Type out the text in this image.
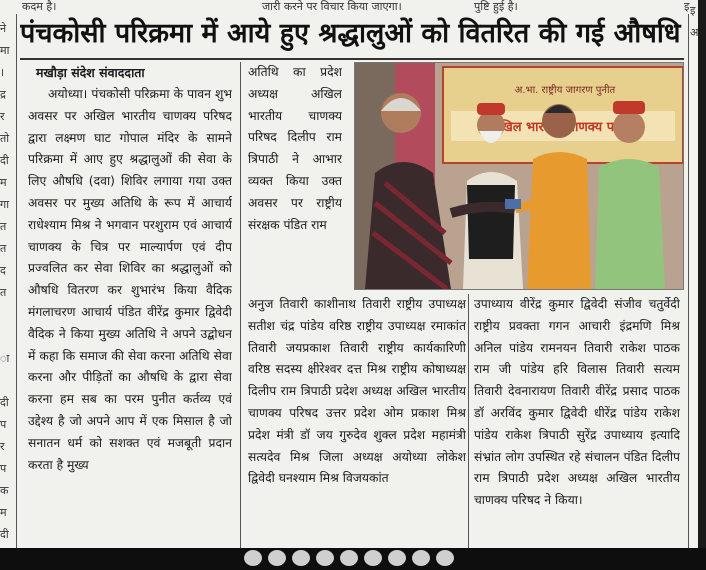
कदम है।	जारी करने पर विचार किया जाएगा।	पुष्टि हुई है।	इ
ने
मा
।
द्र
र
तो
दी
म
गा
त
त
द
त
ा
दी
प
र
प
क
म
दी
पंचकोसी परिक्रमा में आये हुए श्रद्धालुओं को वितरित की गई औषधि
मखौड़ा संदेश संवाददाता
अयोध्या। पंचकोसी परिक्रमा के पावन शुभ अवसर पर अखिल भारतीय चाणक्य परिषद द्वारा लक्ष्मण घाट गोपाल मंदिर के सामने परिक्रमा में आए हुए श्रद्धालुओं की सेवा के लिए औषधि (दवा) शिविर लगाया गया उक्त अवसर पर मुख्य अतिथि के रूप में आचार्य राधेश्याम मिश्र ने भगवान परशुराम एवं आचार्य चाणक्य के चित्र पर माल्यार्पण एवं दीप प्रज्वलित कर सेवा शिविर का श्रद्धालुओं को औषधि वितरण कर शुभारंभ किया वैदिक मंगलाचरण आचार्य पंडित वीरेंद्र कुमार द्विवेदी वैदिक ने किया मुख्य अतिथि ने अपने उद्बोधन में कहा कि समाज की सेवा करना अतिथि सेवा करना और पीड़ितों का औषधि के द्वारा सेवा करना हम सब का परम पुनीत कर्तव्य एवं उद्देश्य है जो अपने आप में एक मिसाल है जो सनातन धर्म को सशक्त एवं मजबूती प्रदान करता है मुख्य
अतिथि का प्रदेश अध्यक्ष अखिल भारतीय चाणक्य परिषद दिलीप राम त्रिपाठी ने आभार व्यक्त किया उक्त अवसर पर राष्ट्रीय संरक्षक पंडित राम
अ.भा. राष्ट्रीय जागरण पुनीत
अखिल चाणक्य
अनुज तिवारी काशीनाथ तिवारी राष्ट्रीय उपाध्यक्ष सतीश चंद्र पांडेय वरिष्ठ राष्ट्रीय उपाध्यक्ष रमाकांत तिवारी जयप्रकाश तिवारी राष्ट्रीय कार्यकारिणी वरिष्ठ सदस्य क्षीरेश्वर दत्त मिश्र राष्ट्रीय कोषाध्यक्ष दिलीप राम त्रिपाठी प्रदेश अध्यक्ष अखिल भारतीय चाणक्य परिषद उत्तर प्रदेश ओम प्रकाश मिश्र प्रदेश मंत्री डॉ जय गुरुदेव शुक्ल प्रदेश महामंत्री सत्यदेव मिश्र जिला अध्यक्ष अयोध्या लोकेश द्विवेदी घनश्याम मिश्र विजयकांत
उपाध्याय वीरेंद्र कुमार द्विवेदी संजीव चतुर्वेदी राष्ट्रीय प्रवक्ता गगन आचारी इंद्रमणि मिश्र अनिल पांडेय रामनयन तिवारी राकेश पाठक राम जी पांडेय हरि विलास तिवारी सत्यम तिवारी देवनारायण तिवारी वीरेंद्र प्रसाद पाठक डॉ अरविंद कुमार द्विवेदी धीरेंद्र पांडेय राकेश पांडेय राकेश त्रिपाठी सुरेंद्र उपाध्याय इत्यादि संभ्रांत लोग उपस्थित रहे संचालन पंडित दिलीप राम त्रिपाठी प्रदेश अध्यक्ष अखिल भारतीय चाणक्य परिषद ने किया।
इ
अ
